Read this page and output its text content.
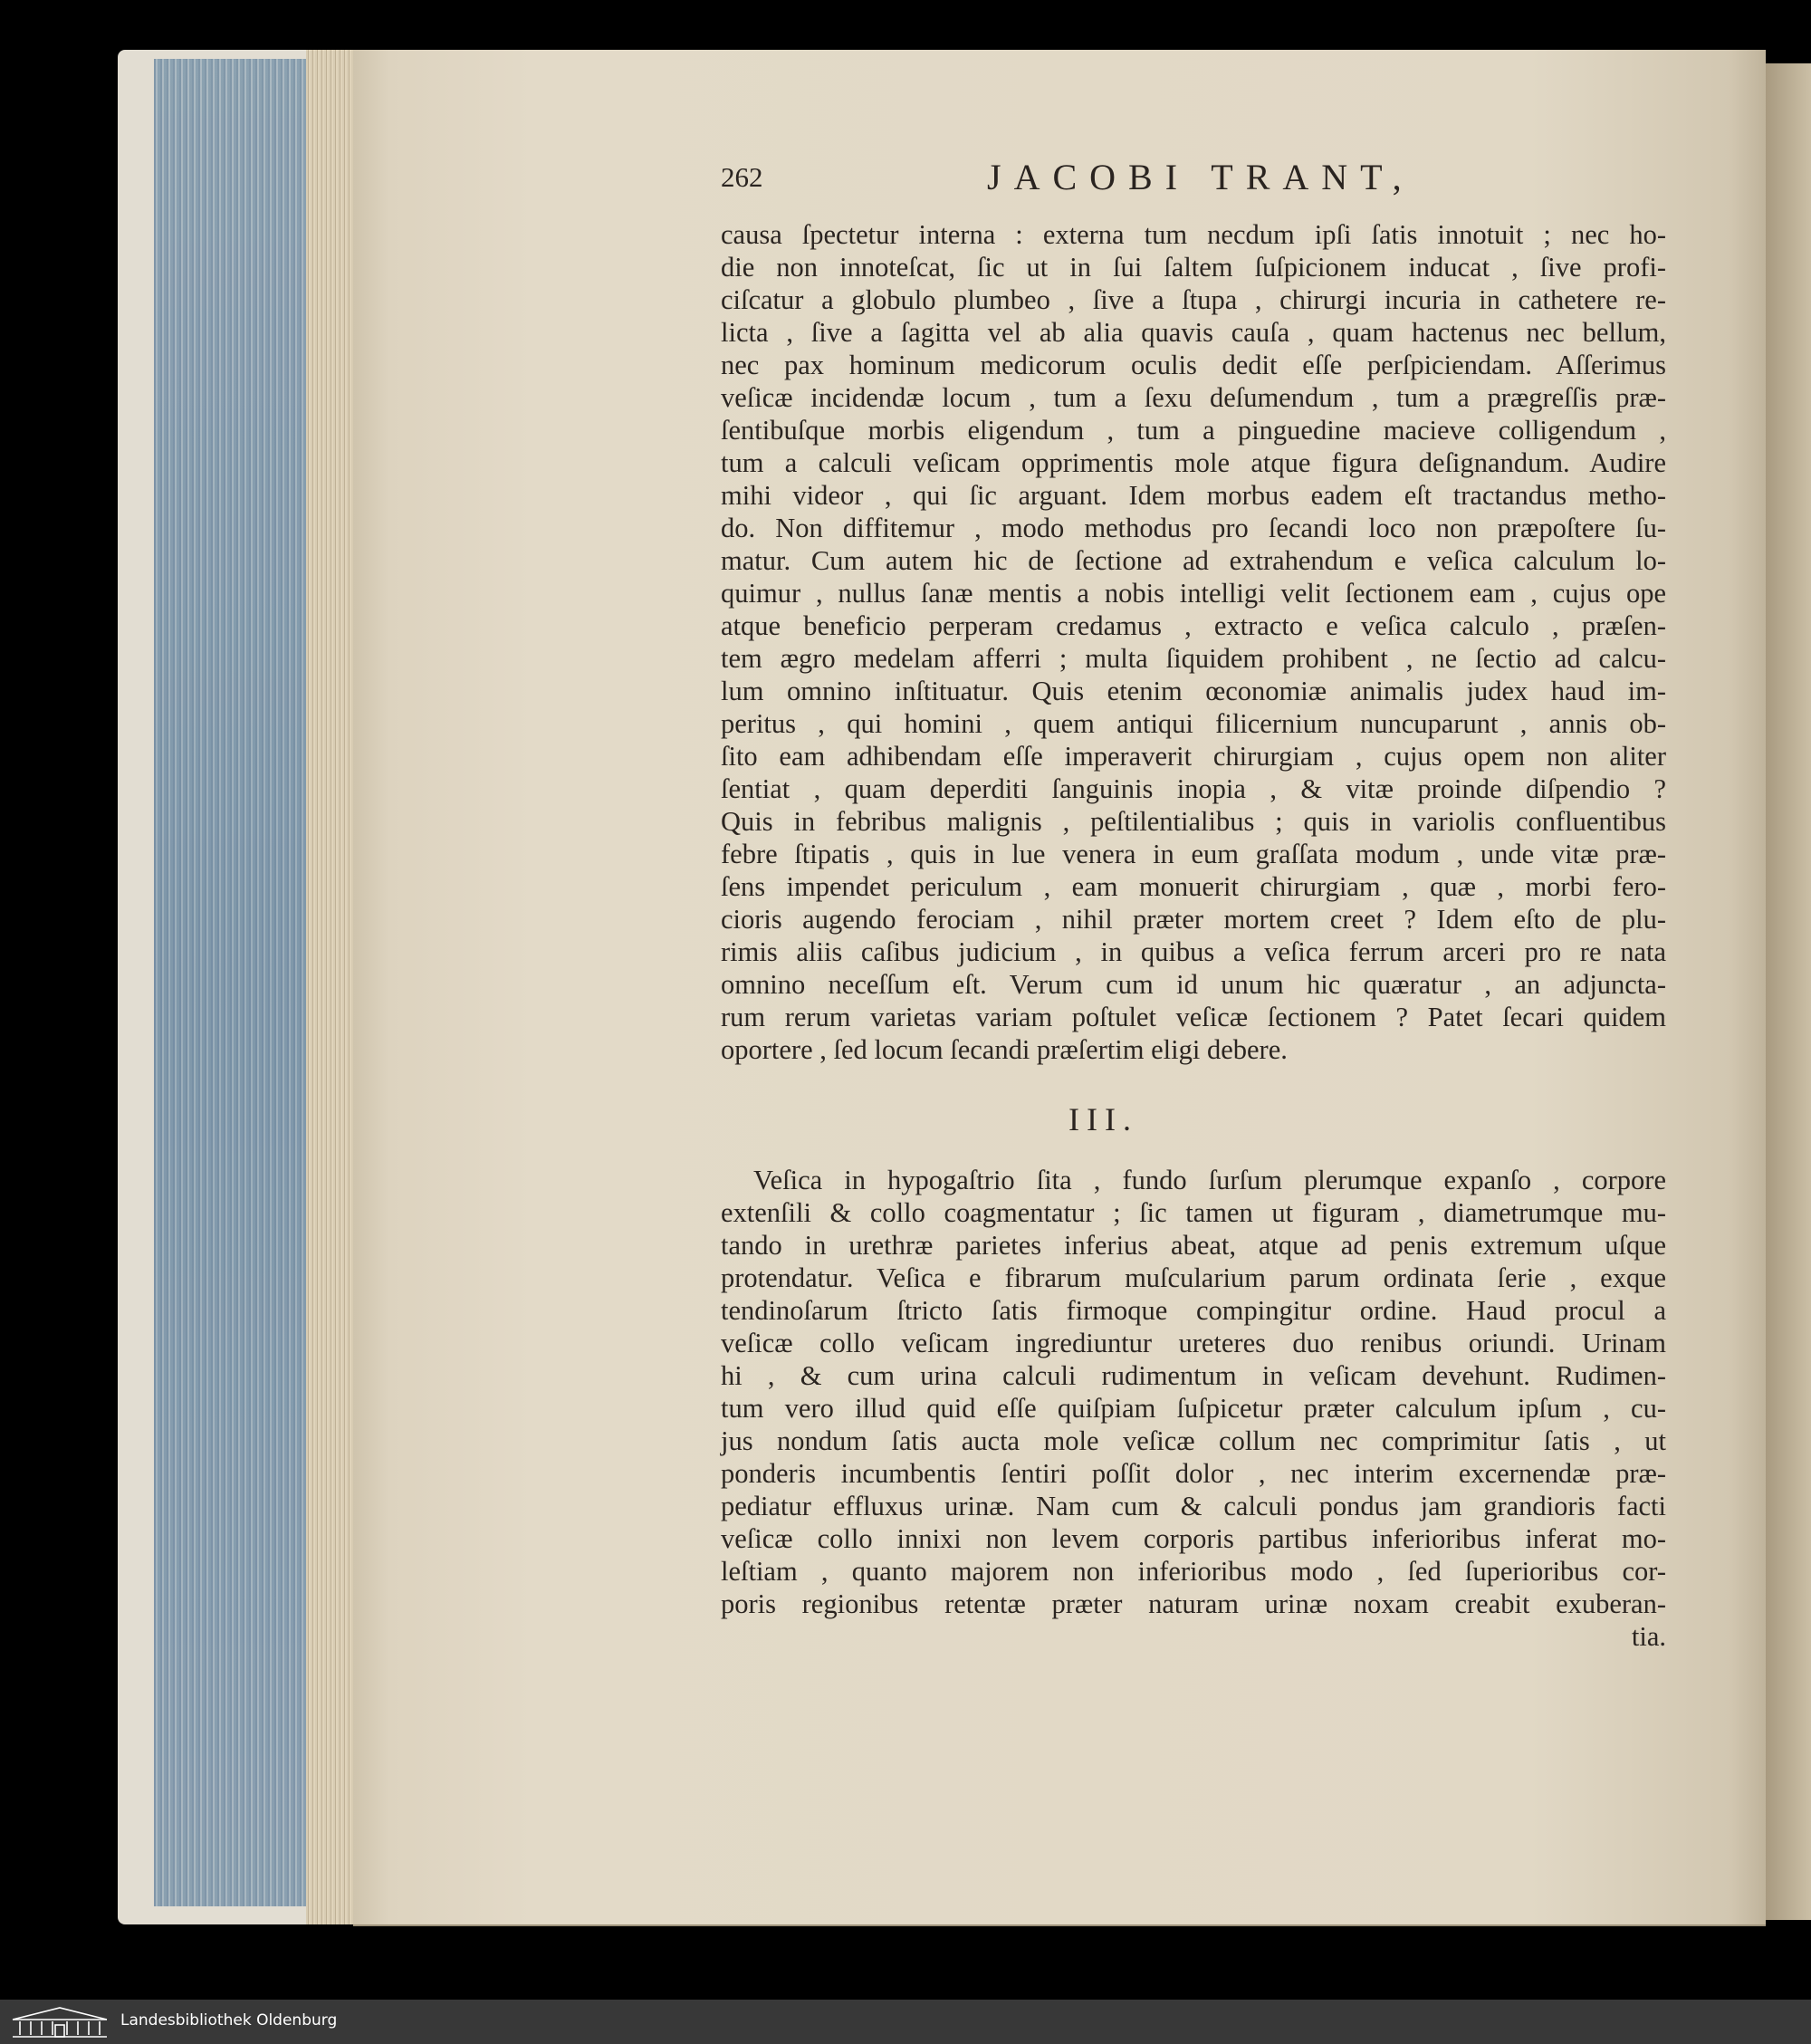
262	JACOBI TRANT,
causa ſpectetur interna : externa tum necdum ipſi ſatis innotuit ; nec ho-
die non innoteſcat, ſic ut in ſui ſaltem ſuſpicionem inducat , ſive profi-
ciſcatur a globulo plumbeo , ſive a ſtupa , chirurgi incuria in cathetere re-
licta , ſive a ſagitta vel ab alia quavis cauſa , quam hactenus nec bellum,
nec pax hominum medicorum oculis dedit eſſe perſpiciendam. Aſſerimus
veſicæ incidendæ locum , tum a ſexu deſumendum , tum a prægreſſis præ-
ſentibuſque morbis eligendum , tum a pinguedine macieve colligendum ,
tum a calculi veſicam opprimentis mole atque figura deſignandum. Audire
mihi videor , qui ſic arguant. Idem morbus eadem eſt tractandus metho-
do. Non diffitemur , modo methodus pro ſecandi loco non præpoſtere ſu-
matur. Cum autem hic de ſectione ad extrahendum e veſica calculum lo-
quimur , nullus ſanæ mentis a nobis intelligi velit ſectionem eam , cujus ope
atque beneficio perperam credamus , extracto e veſica calculo , præſen-
tem ægro medelam afferri ; multa ſiquidem prohibent , ne ſectio ad calcu-
lum omnino inſtituatur. Quis etenim œconomiæ animalis judex haud im-
peritus , qui homini , quem antiqui filicernium nuncuparunt , annis ob-
ſito eam adhibendam eſſe imperaverit chirurgiam , cujus opem non aliter
ſentiat , quam deperditi ſanguinis inopia , & vitæ proinde diſpendio ?
Quis in febribus malignis , peſtilentialibus ; quis in variolis confluentibus
febre ſtipatis , quis in lue venera in eum graſſata modum , unde vitæ præ-
ſens impendet periculum , eam monuerit chirurgiam , quæ , morbi fero-
cioris augendo ferociam , nihil præter mortem creet ? Idem eſto de plu-
rimis aliis caſibus judicium , in quibus a veſica ferrum arceri pro re nata
omnino neceſſum eſt. Verum cum id unum hic quæratur , an adjuncta-
rum rerum varietas variam poſtulet veſicæ ſectionem ? Patet ſecari quidem
oportere , ſed locum ſecandi præſertim eligi debere.
III.
Veſica in hypogaſtrio ſita , fundo ſurſum plerumque expanſo , corpore
extenſili & collo coagmentatur ; ſic tamen ut figuram , diametrumque mu-
tando in urethræ parietes inferius abeat, atque ad penis extremum uſque
protendatur. Veſica e fibrarum muſcularium parum ordinata ſerie , exque
tendinoſarum ſtricto ſatis firmoque compingitur ordine. Haud procul a
veſicæ collo veſicam ingrediuntur ureteres duo renibus oriundi. Urinam
hi , & cum urina calculi rudimentum in veſicam devehunt. Rudimen-
tum vero illud quid eſſe quiſpiam ſuſpicetur præter calculum ipſum , cu-
jus nondum ſatis aucta mole veſicæ collum nec comprimitur ſatis , ut
ponderis incumbentis ſentiri poſſit dolor , nec interim excernendæ præ-
pediatur effluxus urinæ. Nam cum & calculi pondus jam grandioris facti
veſicæ collo innixi non levem corporis partibus inferioribus inferat mo-
leſtiam , quanto majorem non inferioribus modo , ſed ſuperioribus cor-
poris regionibus retentæ præter naturam urinæ noxam creabit exuberan-
tia.
Landesbibliothek Oldenburg
